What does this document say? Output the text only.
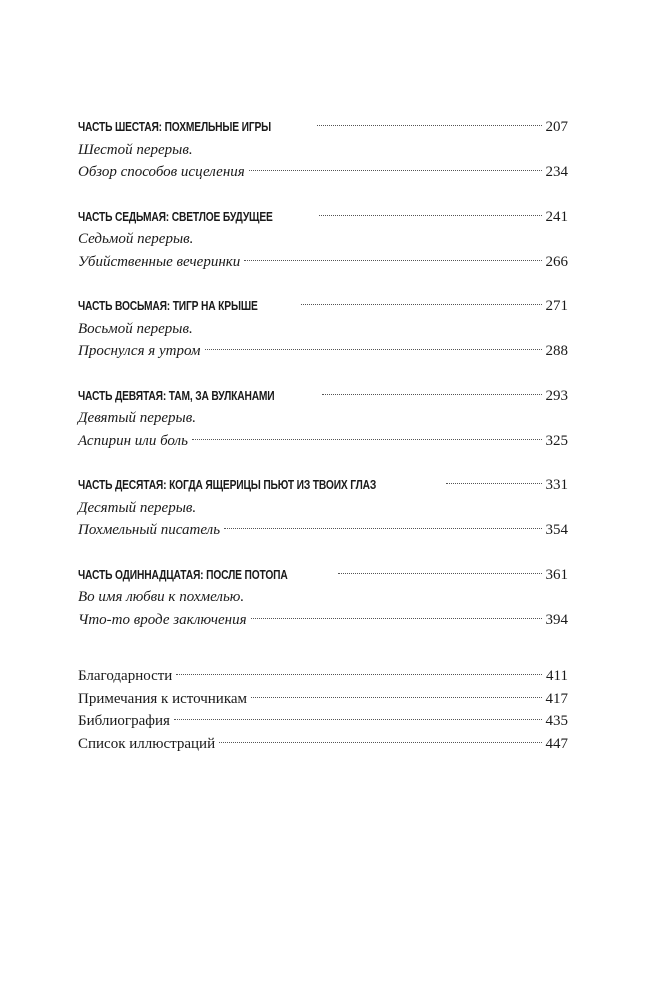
ЧАСТЬ ШЕСТАЯ: ПОХМЕЛЬНЫЕ ИГРЫ	207
Шестой перерыв.
Обзор способов исцеления	234
ЧАСТЬ СЕДЬМАЯ: СВЕТЛОЕ БУДУЩЕЕ	241
Седьмой перерыв.
Убийственные вечеринки	266
ЧАСТЬ ВОСЬМАЯ: ТИГР НА КРЫШЕ	271
Восьмой перерыв.
Проснулся я утром	288
ЧАСТЬ ДЕВЯТАЯ: ТАМ, ЗА ВУЛКАНАМИ	293
Девятый перерыв.
Аспирин или боль	325
ЧАСТЬ ДЕСЯТАЯ: КОГДА ЯЩЕРИЦЫ ПЬЮТ ИЗ ТВОИХ ГЛАЗ	331
Десятый перерыв.
Похмельный писатель	354
ЧАСТЬ ОДИННАДЦАТАЯ: ПОСЛЕ ПОТОПА	361
Во имя любви к похмелью.
Что-то вроде заключения	394
Благодарности	411
Примечания к источникам	417
Библиография	435
Список иллюстраций	447
